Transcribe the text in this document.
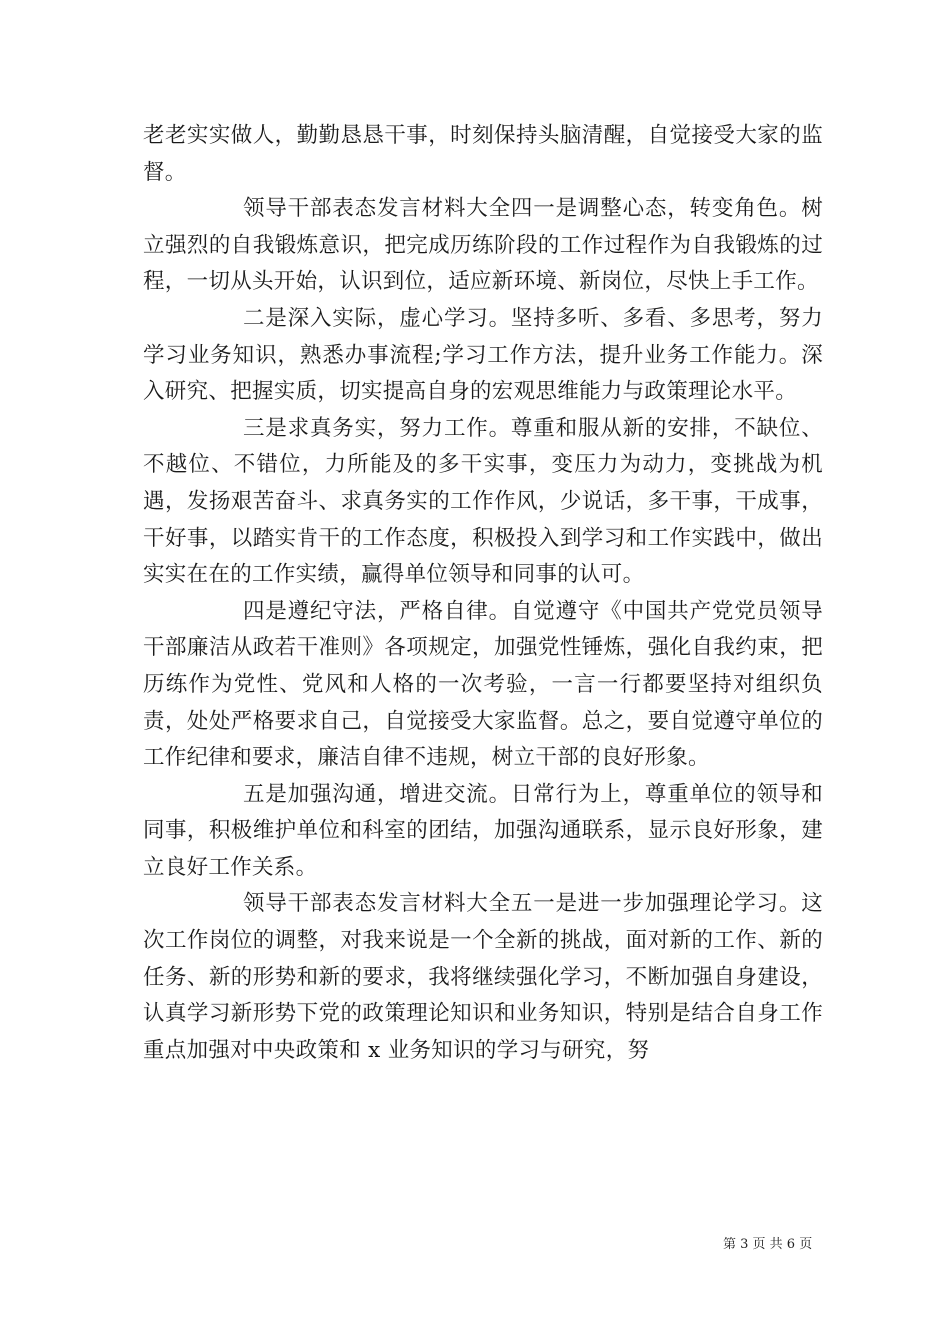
老老实实做人，勤勤恳恳干事，时刻保持头脑清醒，自觉接受大家的监督。

领导干部表态发言材料大全四一是调整心态，转变角色。树立强烈的自我锻炼意识，把完成历练阶段的工作过程作为自我锻炼的过程，一切从头开始，认识到位，适应新环境、新岗位，尽快上手工作。

二是深入实际，虚心学习。坚持多听、多看、多思考，努力学习业务知识，熟悉办事流程;学习工作方法，提升业务工作能力。深入研究、把握实质，切实提高自身的宏观思维能力与政策理论水平。

三是求真务实，努力工作。尊重和服从新的安排，不缺位、不越位、不错位，力所能及的多干实事，变压力为动力，变挑战为机遇，发扬艰苦奋斗、求真务实的工作作风，少说话，多干事，干成事，干好事，以踏实肯干的工作态度，积极投入到学习和工作实践中，做出实实在在的工作实绩，赢得单位领导和同事的认可。

四是遵纪守法，严格自律。自觉遵守《中国共产党党员领导干部廉洁从政若干准则》各项规定，加强党性锤炼，强化自我约束，把历练作为党性、党风和人格的一次考验，一言一行都要坚持对组织负责，处处严格要求自己，自觉接受大家监督。总之，要自觉遵守单位的工作纪律和要求，廉洁自律不违规，树立干部的良好形象。

五是加强沟通，增进交流。日常行为上，尊重单位的领导和同事，积极维护单位和科室的团结，加强沟通联系，显示良好形象，建立良好工作关系。

领导干部表态发言材料大全五一是进一步加强理论学习。这次工作岗位的调整，对我来说是一个全新的挑战，面对新的工作、新的任务、新的形势和新的要求，我将继续强化学习，不断加强自身建设，认真学习新形势下党的政策理论知识和业务知识，特别是结合自身工作重点加强对中央政策和 x 业务知识的学习与研究，努

第 3 页 共 6 页
